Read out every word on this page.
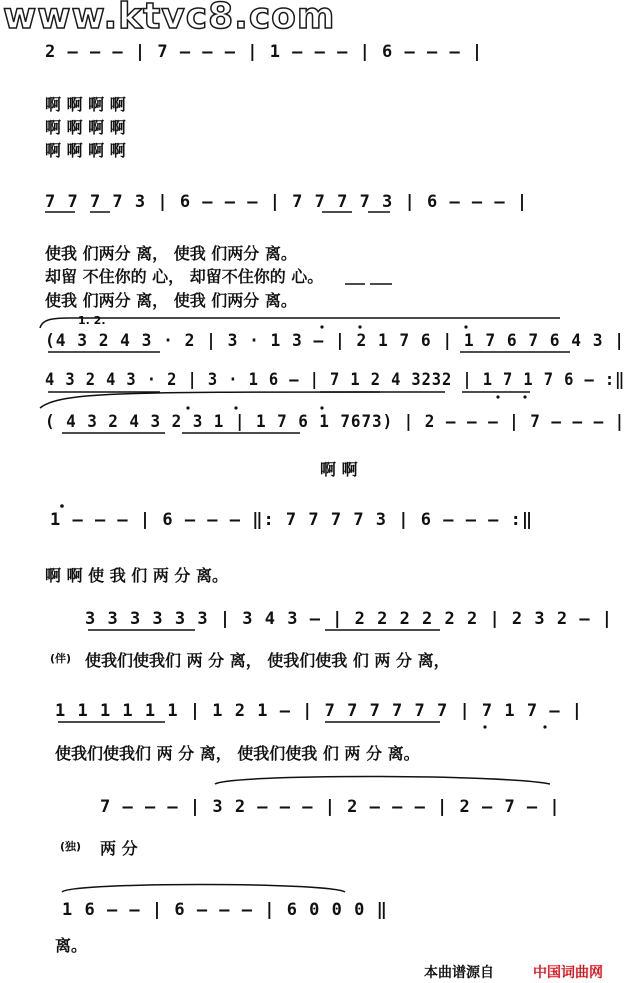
www.ktvc8.com
2 – – – | 7 – – – | 1 – – – | 6 – – – |
7 7 7 7 3 | 6 – – – | 7 7 7 7 3 | 6 – – – |
(4 3 2 4 3 · 2 | 3 · 1 3 – | 2 1 7 6 | 1 7 6 7 6 4 3 |
4 3 2 4 3 · 2 | 3 · 1 6 – | 7 1 2 4 3232 | 1 7 1 7 6 – :‖
( 4 3 2 4 3 2 3 1 | 1 7 6 1 7673) | 2 – – – | 7 – – – |
1 – – – | 6 – – – ‖: 7 7 7 7 3 | 6 – – – :‖
3 3 3 3 3 3 | 3 4 3 – | 2 2 2 2 2 2 | 2 3 2 – |
1 1 1 1 1 1 | 1 2 1 – | 7 7 7 7 7 7 | 7 1 7 – |
7 – – – | 3 2 – – – | 2 – – – | 2 – 7 – |
1 6 – – | 6 – – – | 6 0 0 0 ‖
啊 啊 啊 啊
啊 啊 啊 啊
啊 啊 啊 啊
使我 们两分 离， 使我 们两分 离。
却留 不住你的 心， 却留不住你的 心。
使我 们两分 离， 使我 们两分 离。
啊 啊
啊 啊 使 我 们 两 分 离。
使我们使我们 两 分 离， 使我们使我 们 两 分 离，
使我们使我们 两 分 离， 使我们使我 们 两 分 离。
两 分
离。
1. 2.
(伴)
(独)
本曲谱源自	中国词曲网
